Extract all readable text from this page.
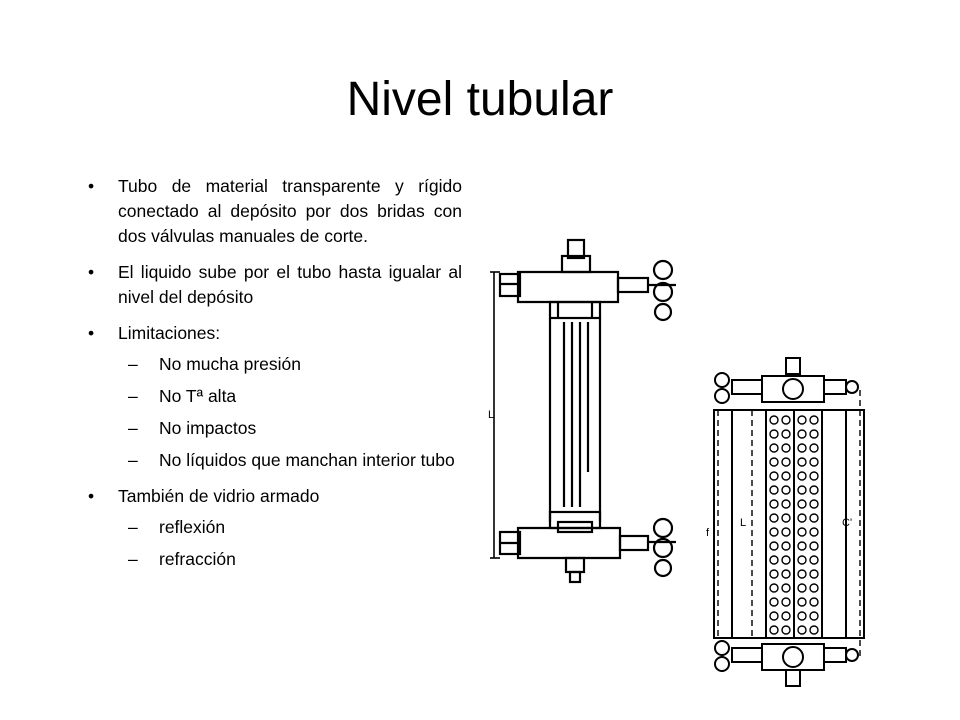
Nivel tubular
• Tubo de material transparente y rígido conectado al depósito por dos bridas con dos válvulas manuales de corte.
• El liquido sube por el tubo hasta igualar al nivel del depósito
• Limitaciones:
– No mucha presión
– No Tª alta
– No impactos
– No líquidos que manchan interior tubo
• También de vidrio armado
– reflexión
– refracción
L
f
L	C'
